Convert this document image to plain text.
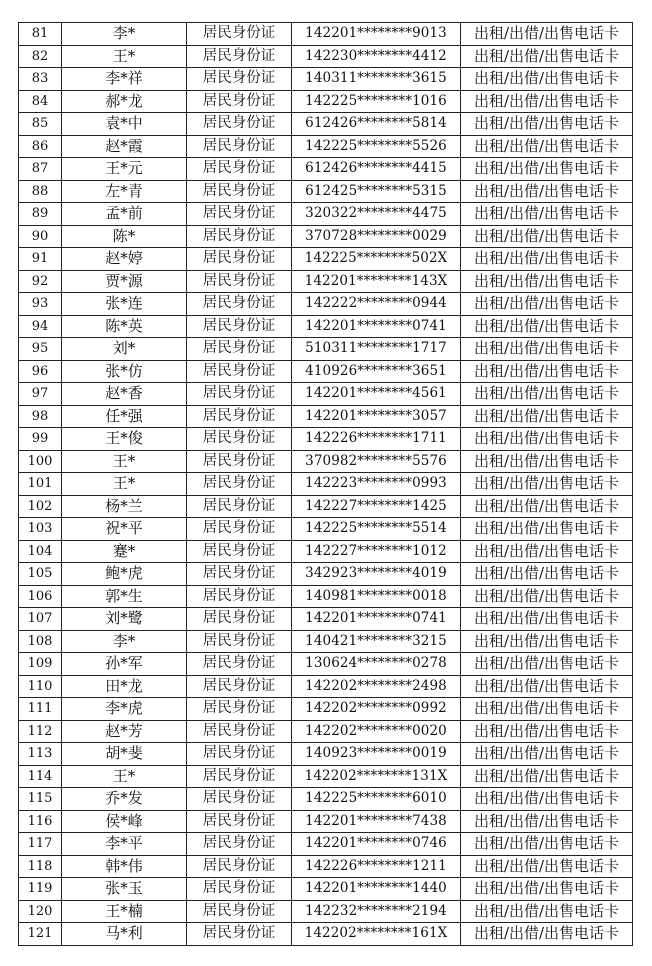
81	李*	居民身份证	142201********9013	出租/出借/出售电话卡
82	王*	居民身份证	142230********4412	出租/出借/出售电话卡
83	李*祥	居民身份证	140311********3615	出租/出借/出售电话卡
84	郝*龙	居民身份证	142225********1016	出租/出借/出售电话卡
85	袁*中	居民身份证	612426********5814	出租/出借/出售电话卡
86	赵*霞	居民身份证	142225********5526	出租/出借/出售电话卡
87	王*元	居民身份证	612426********4415	出租/出借/出售电话卡
88	左*青	居民身份证	612425********5315	出租/出借/出售电话卡
89	孟*前	居民身份证	320322********4475	出租/出借/出售电话卡
90	陈*	居民身份证	370728********0029	出租/出借/出售电话卡
91	赵*婷	居民身份证	142225********502X	出租/出借/出售电话卡
92	贾*源	居民身份证	142201********143X	出租/出借/出售电话卡
93	张*连	居民身份证	142222********0944	出租/出借/出售电话卡
94	陈*英	居民身份证	142201********0741	出租/出借/出售电话卡
95	刘*	居民身份证	510311********1717	出租/出借/出售电话卡
96	张*仿	居民身份证	410926********3651	出租/出借/出售电话卡
97	赵*香	居民身份证	142201********4561	出租/出借/出售电话卡
98	任*强	居民身份证	142201********3057	出租/出借/出售电话卡
99	王*俊	居民身份证	142226********1711	出租/出借/出售电话卡
100	王*	居民身份证	370982********5576	出租/出借/出售电话卡
101	王*	居民身份证	142223********0993	出租/出借/出售电话卡
102	杨*兰	居民身份证	142227********1425	出租/出借/出售电话卡
103	祝*平	居民身份证	142225********5514	出租/出借/出售电话卡
104	蹇*	居民身份证	142227********1012	出租/出借/出售电话卡
105	鲍*虎	居民身份证	342923********4019	出租/出借/出售电话卡
106	郭*生	居民身份证	140981********0018	出租/出借/出售电话卡
107	刘*鹭	居民身份证	142201********0741	出租/出借/出售电话卡
108	李*	居民身份证	140421********3215	出租/出借/出售电话卡
109	孙*军	居民身份证	130624********0278	出租/出借/出售电话卡
110	田*龙	居民身份证	142202********2498	出租/出借/出售电话卡
111	李*虎	居民身份证	142202********0992	出租/出借/出售电话卡
112	赵*芳	居民身份证	142202********0020	出租/出借/出售电话卡
113	胡*斐	居民身份证	140923********0019	出租/出借/出售电话卡
114	王*	居民身份证	142202********131X	出租/出借/出售电话卡
115	乔*发	居民身份证	142225********6010	出租/出借/出售电话卡
116	侯*峰	居民身份证	142201********7438	出租/出借/出售电话卡
117	李*平	居民身份证	142201********0746	出租/出借/出售电话卡
118	韩*伟	居民身份证	142226********1211	出租/出借/出售电话卡
119	张*玉	居民身份证	142201********1440	出租/出借/出售电话卡
120	王*楠	居民身份证	142232********2194	出租/出借/出售电话卡
121	马*利	居民身份证	142202********161X	出租/出借/出售电话卡
